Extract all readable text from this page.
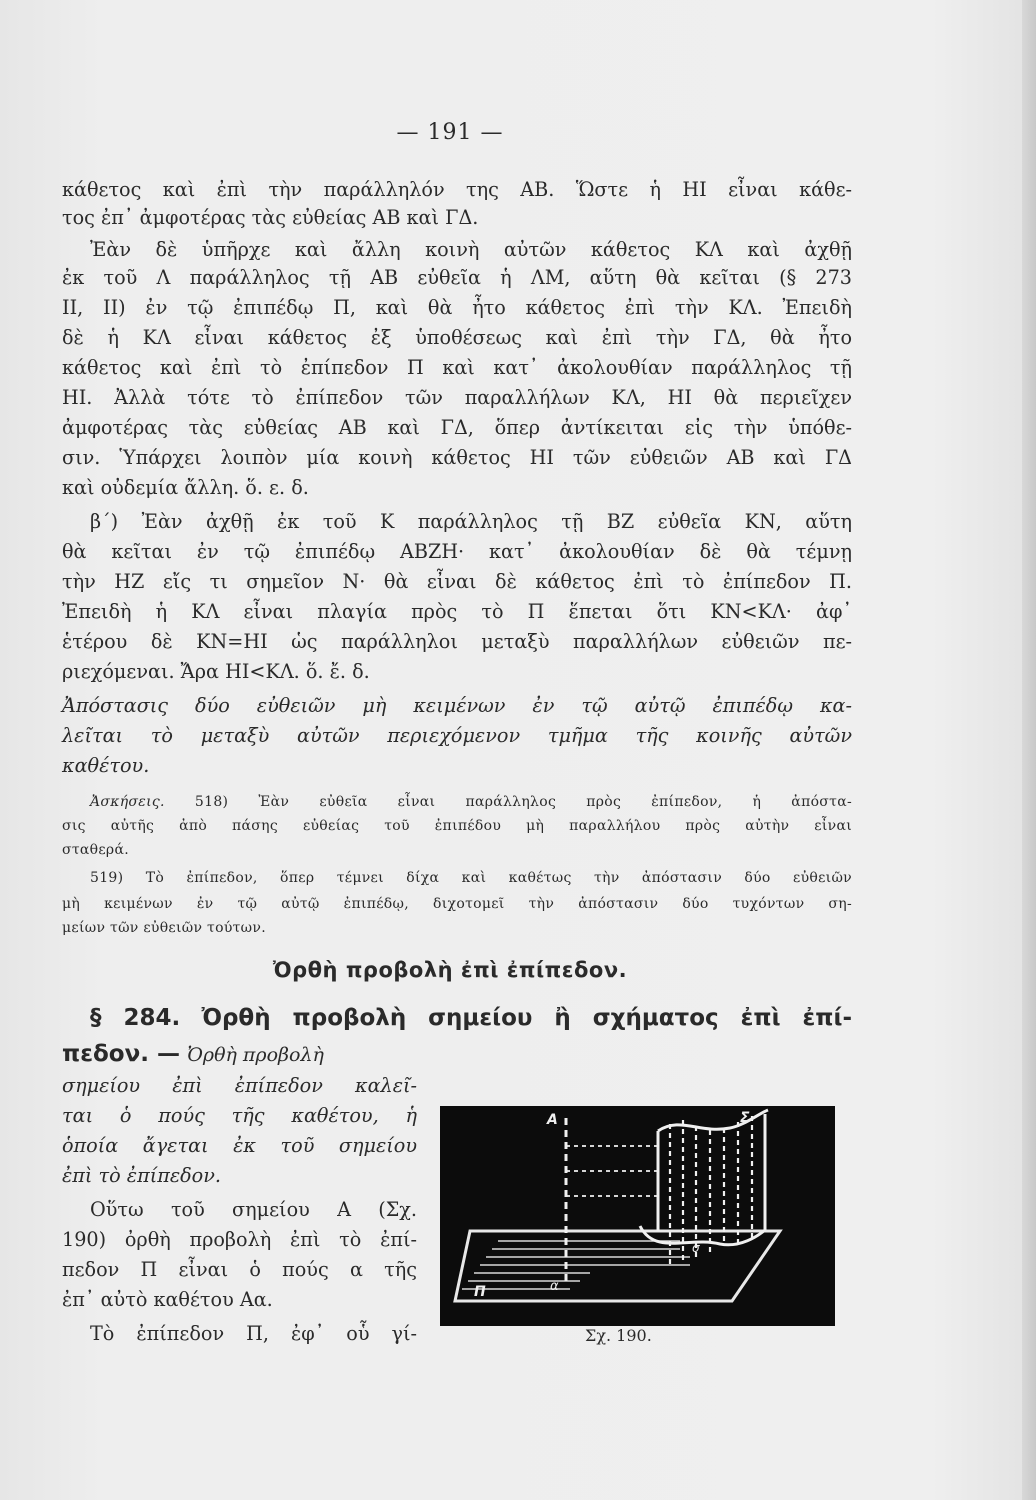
— 191 —
κάθετος καὶ ἐπὶ τὴν παράλληλόν της ΑΒ. Ὥστε ἡ ΗΙ εἶναι κάθε-
τος ἐπ᾿ ἀμφοτέρας τὰς εὐθείας ΑΒ καὶ ΓΔ.
Ἐὰν δὲ ὑπῆρχε καὶ ἄλλη κοινὴ αὐτῶν κάθετος ΚΛ καὶ ἀχθῇ
ἐκ τοῦ Λ παράλληλος τῇ ΑΒ εὐθεῖα ἡ ΛΜ, αὕτη θὰ κεῖται (§ 273
ΙΙ, ΙΙ) ἐν τῷ ἐπιπέδῳ Π, καὶ θὰ ἦτο κάθετος ἐπὶ τὴν ΚΛ. Ἐπειδὴ
δὲ ἡ ΚΛ εἶναι κάθετος ἐξ ὑποθέσεως καὶ ἐπὶ τὴν ΓΔ, θὰ ἦτο
κάθετος καὶ ἐπὶ τὸ ἐπίπεδον Π καὶ κατ᾿ ἀκολουθίαν παράλληλος τῇ
ΗΙ. Ἀλλὰ τότε τὸ ἐπίπεδον τῶν παραλλήλων ΚΛ, ΗΙ θὰ περιεῖχεν
ἀμφοτέρας τὰς εὐθείας ΑΒ καὶ ΓΔ, ὅπερ ἀντίκειται εἰς τὴν ὑπόθε-
σιν. Ὑπάρχει λοιπὸν μία κοινὴ κάθετος ΗΙ τῶν εὐθειῶν ΑΒ καὶ ΓΔ
καὶ οὐδεμία ἄλλη. ὅ. ε. δ.
β΄) Ἐὰν ἀχθῇ ἐκ τοῦ Κ παράλληλος τῇ ΒΖ εὐθεῖα ΚΝ, αὕτη
θὰ κεῖται ἐν τῷ ἐπιπέδῳ ΑΒΖΗ· κατ᾿ ἀκολουθίαν δὲ θὰ τέμνῃ
τὴν ΗΖ εἴς τι σημεῖον Ν· θὰ εἶναι δὲ κάθετος ἐπὶ τὸ ἐπίπεδον Π.
Ἐπειδὴ ἡ ΚΛ εἶναι πλαγία πρὸς τὸ Π ἕπεται ὅτι ΚΝ<ΚΛ· ἀφ᾿
ἑτέρου δὲ ΚΝ=ΗΙ ὡς παράλληλοι μεταξὺ παραλλήλων εὐθειῶν πε-
ριεχόμεναι. Ἄρα ΗΙ<ΚΛ. ὅ. ἔ. δ.
Ἀπόστασις δύο εὐθειῶν μὴ κειμένων ἐν τῷ αὐτῷ ἐπιπέδῳ κα-
λεῖται τὸ μεταξὺ αὐτῶν περιεχόμενον τμῆμα τῆς κοινῆς αὐτῶν
καθέτου.
Ἀσκήσεις. 518) Ἐὰν εὐθεῖα εἶναι παράλληλος πρὸς ἐπίπεδον, ἡ ἀπόστα-
σις αὐτῆς ἀπὸ πάσης εὐθείας τοῦ ἐπιπέδου μὴ παραλλήλου πρὸς αὐτὴν εἶναι
σταθερά.
519) Τὸ ἐπίπεδον, ὅπερ τέμνει δίχα καὶ καθέτως τὴν ἀπόστασιν δύο εὐθειῶν
μὴ κειμένων ἐν τῷ αὐτῷ ἐπιπέδῳ, διχοτομεῖ τὴν ἀπόστασιν δύο τυχόντων ση-
μείων τῶν εὐθειῶν τούτων.
Ὀρθὴ προβολὴ ἐπὶ ἐπίπεδον.
§ 284. Ὀρθὴ προβολὴ σημείου ἢ σχήματος ἐπὶ ἐπί-
πεδον. — Ὀρθὴ προβολὴ
σημείου ἐπὶ ἐπίπεδον καλεῖ-
ται ὁ πούς τῆς καθέτου, ἡ
ὁποία ἄγεται ἐκ τοῦ σημείου
ἐπὶ τὸ ἐπίπεδον.
Οὕτω τοῦ σημείου Α (Σχ.
190) ὀρθὴ προβολὴ ἐπὶ τὸ ἐπί-
πεδον Π εἶναι ὁ πούς α τῆς
ἐπ᾿ αὐτὸ καθέτου Αα.
Τὸ ἐπίπεδον Π, ἐφ᾿ οὗ γί-
Α
α
Σ
σ
Π
Σχ. 190.
